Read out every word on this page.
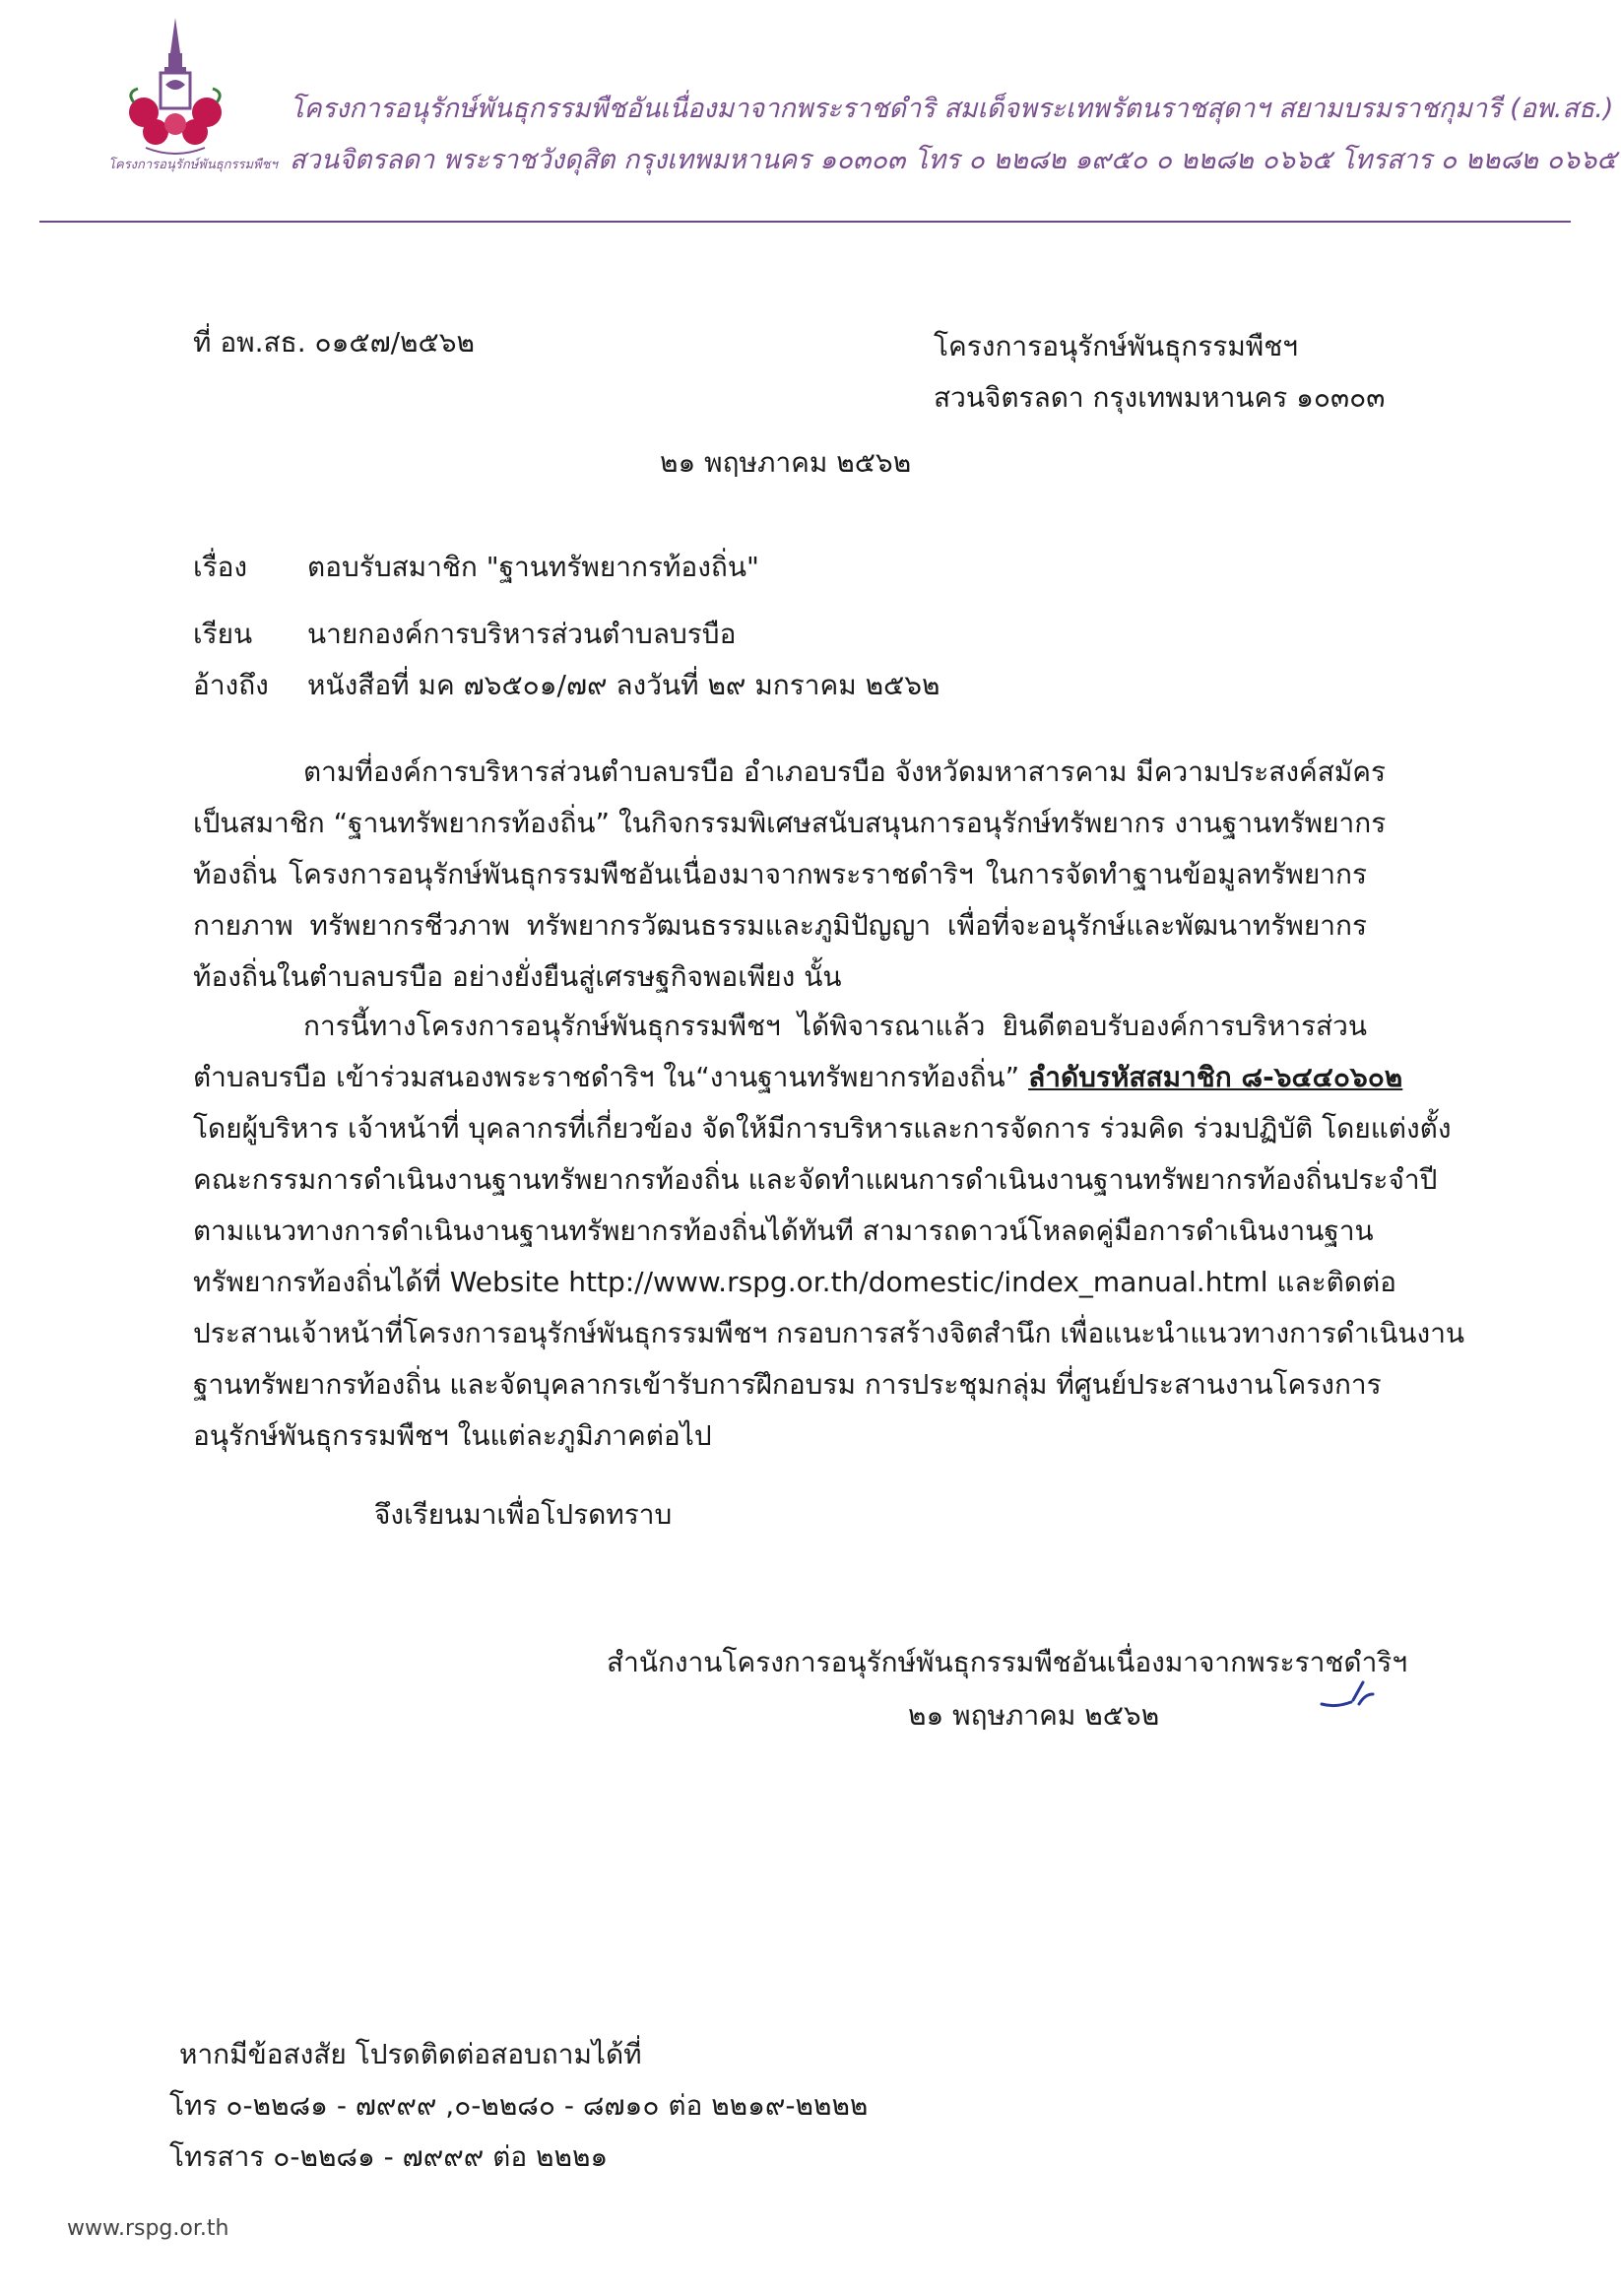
โครงการอนุรักษ์พันธุกรรมพืชฯ
โครงการอนุรักษ์พันธุกรรมพืชอันเนื่องมาจากพระราชดำริ สมเด็จพระเทพรัตนราชสุดาฯ สยามบรมราชกุมารี (อพ.สธ.)
สวนจิตรลดา พระราชวังดุสิต กรุงเทพมหานคร ๑๐๓๐๓ โทร ๐ ๒๒๘๒ ๑๙๕๐ ๐ ๒๒๘๒ ๐๖๖๕ โทรสาร ๐ ๒๒๘๒ ๐๖๖๕
ที่ อพ.สธ. ๐๑๕๗/๒๕๖๒	โครงการอนุรักษ์พันธุกรรมพืชฯ
สวนจิตรลดา กรุงเทพมหานคร ๑๐๓๐๓
๒๑ พฤษภาคม ๒๕๖๒
เรื่อง ตอบรับสมาชิก "ฐานทรัพยากรท้องถิ่น"
เรียน นายกองค์การบริหารส่วนตำบลบรบือ
อ้างถึง หนังสือที่ มค ๗๖๕๐๑/๗๙ ลงวันที่ ๒๙ มกราคม ๒๕๖๒
ตามที่องค์การบริหารส่วนตำบลบรบือ อำเภอบรบือ จังหวัดมหาสารคาม มีความประสงค์สมัคร
เป็นสมาชิก “ฐานทรัพยากรท้องถิ่น” ในกิจกรรมพิเศษสนับสนุนการอนุรักษ์ทรัพยากร งานฐานทรัพยากร
ท้องถิ่น โครงการอนุรักษ์พันธุกรรมพืชอันเนื่องมาจากพระราชดำริฯ ในการจัดทำฐานข้อมูลทรัพยากร
กายภาพ ทรัพยากรชีวภาพ ทรัพยากรวัฒนธรรมและภูมิปัญญา เพื่อที่จะอนุรักษ์และพัฒนาทรัพยากร
ท้องถิ่นในตำบลบรบือ อย่างยั่งยืนสู่เศรษฐกิจพอเพียง นั้น
การนี้ทางโครงการอนุรักษ์พันธุกรรมพืชฯ ได้พิจารณาแล้ว ยินดีตอบรับองค์การบริหารส่วน
ตำบลบรบือ เข้าร่วมสนองพระราชดำริฯ ใน“งานฐานทรัพยากรท้องถิ่น” ลำดับรหัสสมาชิก ๘-๖๔๔๐๖๐๒
โดยผู้บริหาร เจ้าหน้าที่ บุคลากรที่เกี่ยวข้อง จัดให้มีการบริหารและการจัดการ ร่วมคิด ร่วมปฏิบัติ โดยแต่งตั้ง
คณะกรรมการดำเนินงานฐานทรัพยากรท้องถิ่น และจัดทำแผนการดำเนินงานฐานทรัพยากรท้องถิ่นประจำปี
ตามแนวทางการดำเนินงานฐานทรัพยากรท้องถิ่นได้ทันที สามารถดาวน์โหลดคู่มือการดำเนินงานฐาน
ทรัพยากรท้องถิ่นได้ที่ Website http://www.rspg.or.th/domestic/index_manual.html และติดต่อ
ประสานเจ้าหน้าที่โครงการอนุรักษ์พันธุกรรมพืชฯ กรอบการสร้างจิตสำนึก เพื่อแนะนำแนวทางการดำเนินงาน
ฐานทรัพยากรท้องถิ่น และจัดบุคลากรเข้ารับการฝึกอบรม การประชุมกลุ่ม ที่ศูนย์ประสานงานโครงการ
อนุรักษ์พันธุกรรมพืชฯ ในแต่ละภูมิภาคต่อไป
จึงเรียนมาเพื่อโปรดทราบ
สำนักงานโครงการอนุรักษ์พันธุกรรมพืชอันเนื่องมาจากพระราชดำริฯ
๒๑ พฤษภาคม ๒๕๖๒
หากมีข้อสงสัย โปรดติดต่อสอบถามได้ที่
โทร ๐-๒๒๘๑ - ๗๙๙๙ ,๐-๒๒๘๐ - ๘๗๑๐ ต่อ ๒๒๑๙-๒๒๒๒
โทรสาร ๐-๒๒๘๑ - ๗๙๙๙ ต่อ ๒๒๒๑
www.rspg.or.th
